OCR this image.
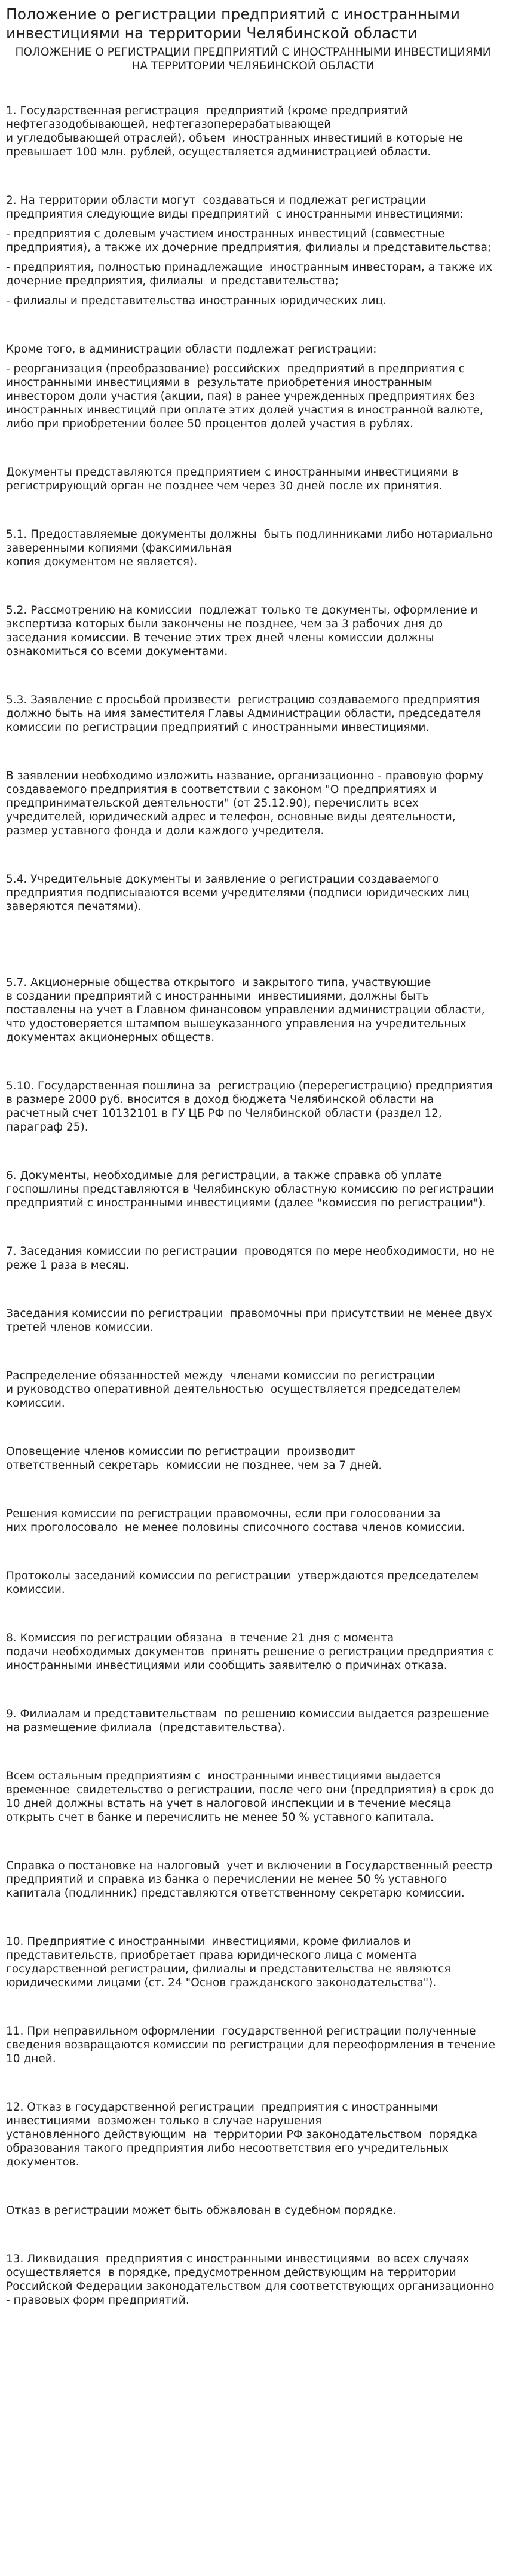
Положение о регистрации предприятий с иностранными инвестициями на территории Челябинской области
ПОЛОЖЕНИЕ О РЕГИСТРАЦИИ ПРЕДПРИЯТИЙ С ИНОСТРАННЫМИ ИНВЕСТИЦИЯМИ НА ТЕРРИТОРИИ ЧЕЛЯБИНСКОЙ ОБЛАСТИ

1. Государственная регистрация  предприятий (кроме предприятий нефтегазодобывающей, нефтегазоперерабатывающей
и угледобывающей отраслей), объем  иностранных инвестиций в которые не превышает 100 млн. рублей, осуществляется администрацией области.

2. На территории области могут  создаваться и подлежат регистрации предприятия следующие виды предприятий  с иностранными инвестициями:

- предприятия с долевым участием иностранных инвестиций (совместные предприятия), а также их дочерние предприятия, филиалы и представительства;

- предприятия, полностью принадлежащие  иностранным инвесторам, а также их дочерние предприятия, филиалы  и представительства;

- филиалы и представительства иностранных юридических лиц.

Кроме того, в администрации области подлежат регистрации:

- реорганизация (преобразование) российских  предприятий в предприятия с иностранными инвестициями в  результате приобретения иностранным инвестором доли участия (акции, пая) в ранее учрежденных предприятиях без иностранных инвестиций при оплате этих долей участия в иностранной валюте, либо при приобретении более 50 процентов долей участия в рублях.

Документы представляются предприятием с иностранными инвестициями в регистрирующий орган не позднее чем через 30 дней после их принятия.

5.1. Предоставляемые документы должны  быть подлинниками либо нотариально  заверенными копиями (факсимильная
копия документом не является).

5.2. Рассмотрению на комиссии  подлежат только те документы, оформление и экспертиза которых были закончены не позднее, чем за 3 рабочих дня до заседания комиссии. В течение этих трех дней члены комиссии должны ознакомиться со всеми документами.

5.3. Заявление с просьбой произвести  регистрацию создаваемого предприятия должно быть на имя заместителя Главы Администрации области, председателя комиссии по регистрации предприятий с иностранными инвестициями.

В заявлении необходимо изложить название, организационно - правовую форму создаваемого предприятия в соответствии с законом "О предприятиях и предпринимательской деятельности" (от 25.12.90), перечислить всех учредителей, юридический адрес и телефон, основные виды деятельности, размер уставного фонда и доли каждого учредителя.

5.4. Учредительные документы и заявление о регистрации создаваемого предприятия подписываются всеми учредителями (подписи юридических лиц заверяются печатями).

5.7. Акционерные общества открытого  и закрытого типа, участвующие
в создании предприятий с иностранными  инвестициями, должны быть поставлены на учет в Главном финансовом управлении администрации области, что удостоверяется штампом вышеуказанного управления на учредительных документах акционерных обществ.

5.10. Государственная пошлина за  регистрацию (перерегистрацию) предприятия в размере 2000 руб. вносится в доход бюджета Челябинской области на расчетный счет 10132101 в ГУ ЦБ РФ по Челябинской области (раздел 12, параграф 25).

6. Документы, необходимые для регистрации, а также справка об уплате госпошлины представляются в Челябинскую областную комиссию по регистрации предприятий с иностранными инвестициями (далее "комиссия по регистрации").

7. Заседания комиссии по регистрации  проводятся по мере необходимости, но не реже 1 раза в месяц.

Заседания комиссии по регистрации  правомочны при присутствии не менее двух третей членов комиссии.

Распределение обязанностей между  членами комиссии по регистрации
и руководство оперативной деятельностью  осуществляется председателем комиссии.

Оповещение членов комиссии по регистрации  производит
ответственный секретарь  комиссии не позднее, чем за 7 дней.

Решения комиссии по регистрации правомочны, если при голосовании за
них проголосовало  не менее половины списочного состава членов комиссии.

Протоколы заседаний комиссии по регистрации  утверждаются председателем комиссии.

8. Комиссия по регистрации обязана  в течение 21 дня с момента
подачи необходимых документов  принять решение о регистрации предприятия с иностранными инвестициями или сообщить заявителю о причинах отказа.

9. Филиалам и представительствам  по решению комиссии выдается разрешение на размещение филиала  (представительства).

Всем остальным предприятиям с  иностранными инвестициями выдается временное  свидетельство о регистрации, после чего они (предприятия) в срок до 10 дней должны встать на учет в налоговой инспекции и в течение месяца открыть счет в банке и перечислить не менее 50 % уставного капитала.

Справка о постановке на налоговый  учет и включении в Государственный реестр предприятий и справка из банка о перечислении не менее 50 % уставного капитала (подлинник) представляются ответственному секретарю комиссии.

10. Предприятие с иностранными  инвестициями, кроме филиалов и представительств, приобретает права юридического лица с момента государственной регистрации, филиалы и представительства не являются юридическими лицами (ст. 24 "Основ гражданского законодательства").

11. При неправильном оформлении  государственной регистрации полученные сведения возвращаются комиссии по регистрации для переоформления в течение 10 дней.

12. Отказ в государственной регистрации  предприятия с иностранными инвестициями  возможен только в случае нарушения
установленного действующим  на  территории РФ законодательством  порядка образования такого предприятия либо несоответствия его учредительных документов.

Отказ в регистрации может быть обжалован в судебном порядке.

13. Ликвидация  предприятия с иностранными инвестициями  во всех случаях осуществляется  в порядке, предусмотренном действующим на территории Российской Федерации законодательством для соответствующих организационно - правовых форм предприятий.
